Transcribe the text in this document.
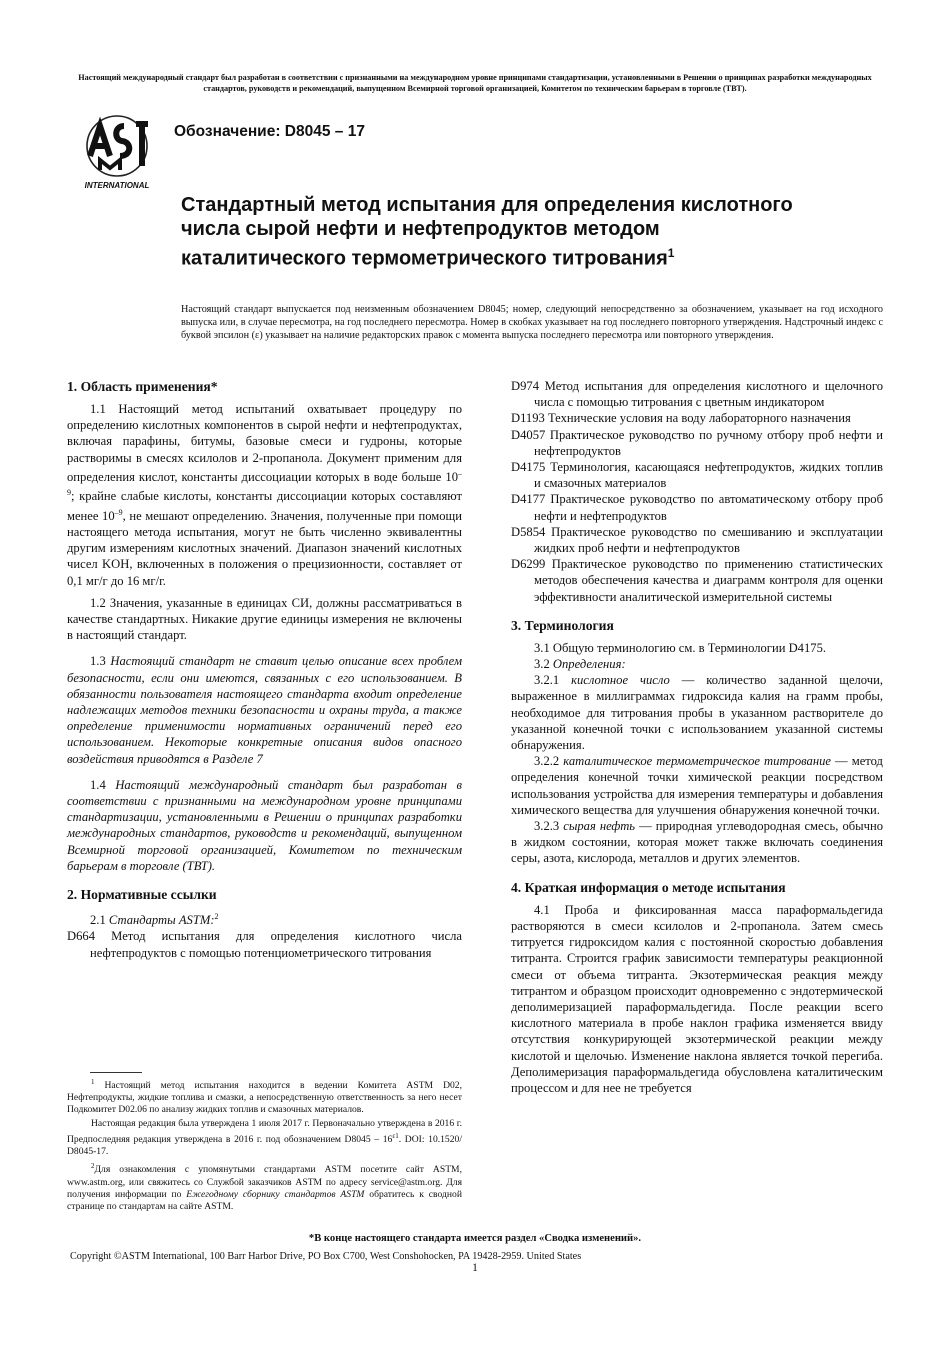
Настоящий международный стандарт был разработан в соответствии с признанными на международном уровне принципами стандартизации, установленными в Решении о принципах разработки международных стандартов, руководств и рекомендаций, выпущенном Всемирной торговой организацией, Комитетом по техническим барьерам в торговле (ТВТ).
INTERNATIONAL
Обозначение: D8045 – 17
Стандартный метод испытания для определения кислотного числа сырой нефти и нефтепродуктов методом каталитического термометрического титрования$^1$
Настоящий стандарт выпускается под неизменным обозначением D8045; номер, следующий непосредственно за обозначением, указывает на год исходного выпуска или, в случае пересмотра, на год последнего пересмотра. Номер в скобках указывает на год последнего повторного утверждения. Надстрочный индекс с буквой эпсилон (ε) указывает на наличие редакторских правок с момента выпуска последнего пересмотра или повторного утверждения.
1. Область применения*

1.1 Настоящий метод испытаний охватывает процедуру по определению кислотных компонентов в сырой нефти и нефтепродуктах, включая парафины, битумы, базовые смеси и гудроны, которые растворимы в смесях ксилолов и 2-пропанола. Документ применим для определения кислот, константы диссоциации которых в воде больше $10^{-9}$; крайне слабые кислоты, константы диссоциации которых составляют менее $10^{-9}$, не мешают определению. Значения, полученные при помощи настоящего метода испытания, могут не быть численно эквивалентны другим измерениям кислотных значений. Диапазон значений кислотных чисел KOH, включенных в положения о прецизионности, составляет от 0,1 мг/г до 16 мг/г.

1.2 Значения, указанные в единицах СИ, должны рассматриваться в качестве стандартных. Никакие другие единицы измерения не включены в настоящий стандарт.

1.3 Настоящий стандарт не ставит целью описание всех проблем безопасности, если они имеются, связанных с его использованием. В обязанности пользователя настоящего стандарта входит определение надлежащих методов техники безопасности и охраны труда, а также определение применимости нормативных ограничений перед его использованием. Некоторые конкретные описания видов опасного воздействия приводятся в Разделе 7

1.4 Настоящий международный стандарт был разработан в соответствии с признанными на международном уровне принципами стандартизации, установленными в Решении о принципах разработки международных стандартов, руководств и рекомендаций, выпущенном Всемирной торговой организацией, Комитетом по техническим барьерам в торговле (ТВТ).

2. Нормативные ссылки

2.1 Стандарты ASTM:$^2$

D664 Метод испытания для определения кислотного числа нефтепродуктов с помощью потенциометрического титрования

D974 Метод испытания для определения кислотного и щелочного числа с помощью титрования с цветным индикатором

D1193 Технические условия на воду лабораторного назначения

D4057 Практическое руководство по ручному отбору проб нефти и нефтепродуктов

D4175 Терминология, касающаяся нефтепродуктов, жидких топлив и смазочных материалов

D4177 Практическое руководство по автоматическому отбору проб нефти и нефтепродуктов

D5854 Практическое руководство по смешиванию и эксплуатации жидких проб нефти и нефтепродуктов

D6299 Практическое руководство по применению статистических методов обеспечения качества и диаграмм контроля для оценки эффективности аналитической измерительной системы

3. Терминология

3.1 Общую терминологию см. в Терминологии D4175.

3.2 Определения:

3.2.1 кислотное число — количество заданной щелочи, выраженное в миллиграммах гидроксида калия на грамм пробы, необходимое для титрования пробы в указанном растворителе до указанной конечной точки с использованием указанной системы обнаружения.

3.2.2 каталитическое термометрическое титрование — метод определения конечной точки химической реакции посредством использования устройства для измерения температуры и добавления химического вещества для улучшения обнаружения конечной точки.

3.2.3 сырая нефть — природная углеводородная смесь, обычно в жидком состоянии, которая может также включать соединения серы, азота, кислорода, металлов и других элементов.

4. Краткая информация о методе испытания

4.1 Проба и фиксированная масса параформальдегида растворяются в смеси ксилолов и 2-пропанола. Затем смесь титруется гидроксидом калия с постоянной скоростью добавления титранта. Строится график зависимости температуры реакционной смеси от объема титранта. Экзотермическая реакция между титрантом и образцом происходит одновременно с эндотермической деполимеризацией параформальдегида. После реакции всего кислотного материала в пробе наклон графика изменяется ввиду отсутствия конкурирующей экзотермической реакции между кислотой и щелочью. Изменение наклона является точкой перегиба. Деполимеризация параформальдегида обусловлена каталитическим процессом и для нее не требуется

$^1$ Настоящий метод испытания находится в ведении Комитета ASTM D02, Нефтепродукты, жидкие топлива и смазки, а непосредственную ответственность за него несет Подкомитет D02.06 по анализу жидких топлив и смазочных материалов.

Настоящая редакция была утверждена 1 июля 2017 г. Первоначально утверждена в 2016 г. Предпоследняя редакция утверждена в 2016 г. под обозначением $D8045 - 16^{\varepsilon 1}$. DOI: 10.1520/ D8045-17.

$^2$Для ознакомления с упомянутыми стандартами ASTM посетите сайт ASTM, www.astm.org, или свяжитесь со Службой заказчиков ASTM по адресу service@astm.org. Для получения информации по Ежегодному сборнику стандартов ASTM обратитесь к сводной странице по стандартам на сайте ASTM.

*В конце настоящего стандарта имеется раздел «Сводка изменений».
Copyright ©ASTM International, 100 Barr Harbor Drive, PO Box C700, West Conshohocken, PA 19428-2959. United States
1
